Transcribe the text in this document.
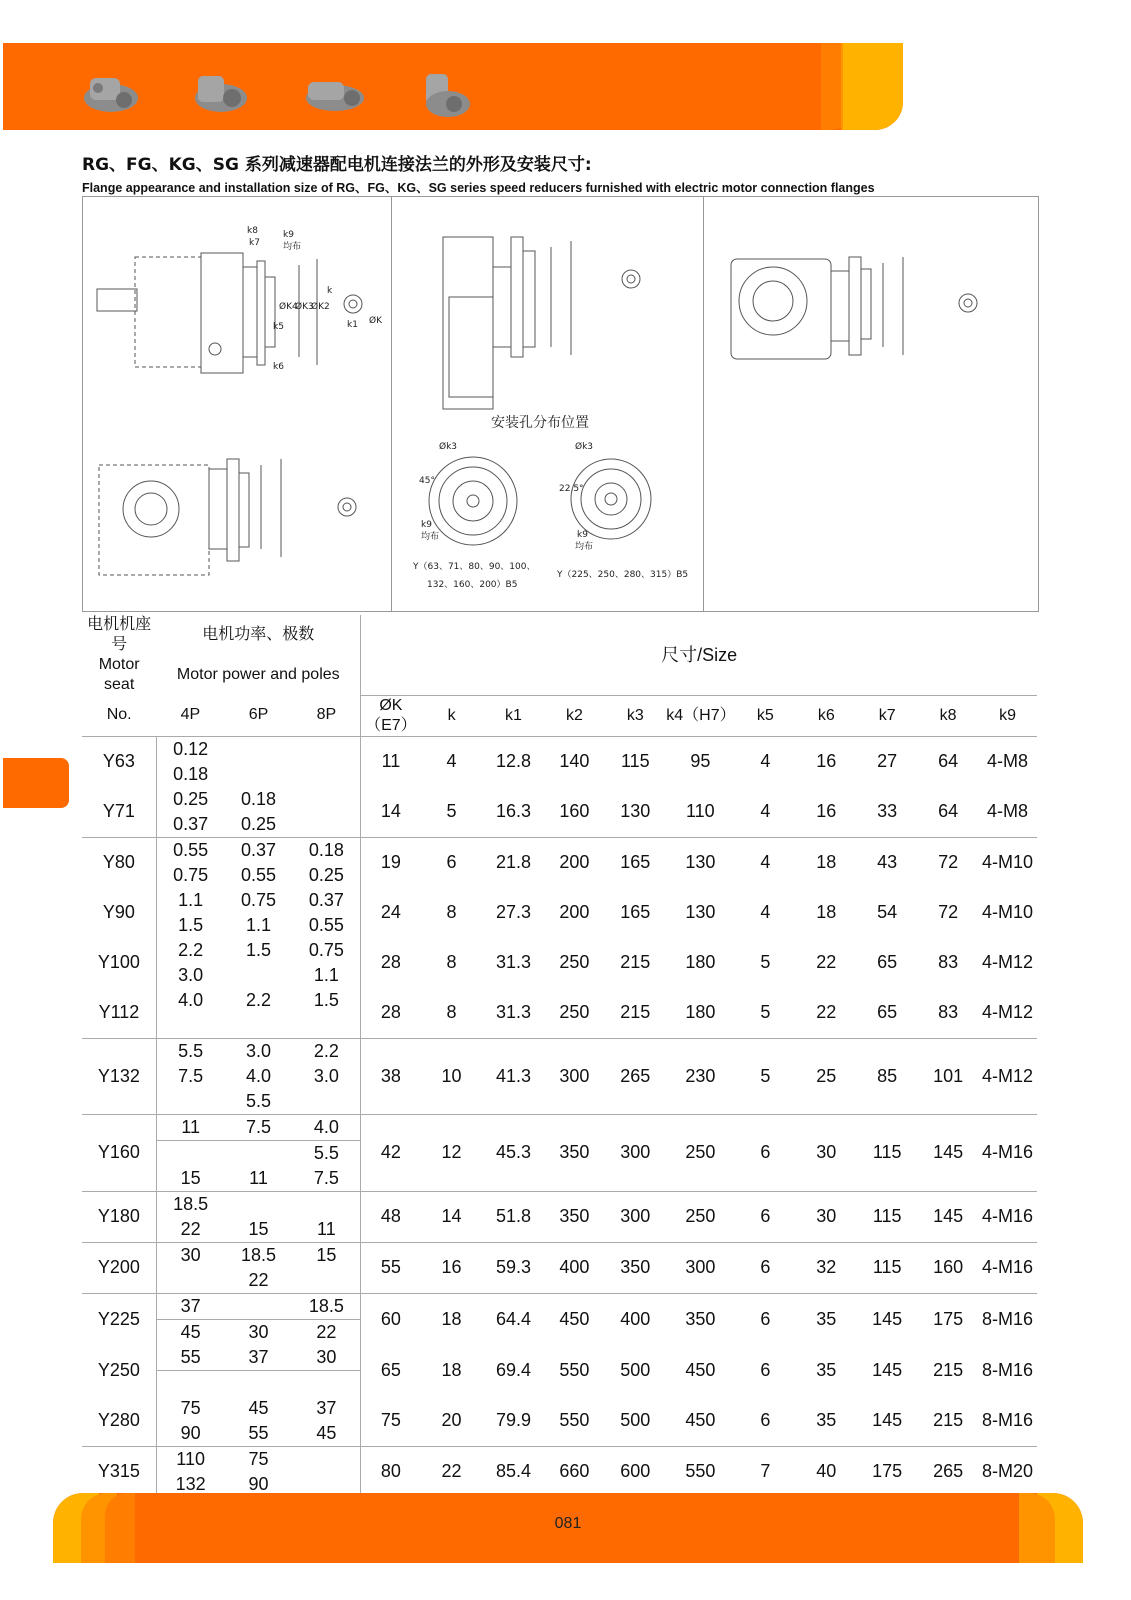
RG、FG、KG、SG 系列减速器配电机连接法兰的外形及安装尺寸:
Flange appearance and installation size of RG、FG、KG、SG series speed reducers furnished with electric motor connection flanges
k8
k7
k9
均布
ØK4
ØK3
ØK2
k5
k6
k
k1 ØK
安装孔分布位置
Øk3
45°
k9
均布
Y（63、71、80、90、100、
132、160、200）B5
Øk3
22.5°
k9
均布
Y（225、250、280、315）B5
电机机座号	电机功率、极数			尺寸/Size										
Motor seat	Motor power and poles													
No.	4P	6P	8P	ØK（E7）	k	k1	k2	k3	k4（H7）	k5	k6	k7	k8	k9
Y63	0.12			11	4	12.8	140	115	95	4	16	27	64	4-M8
	0.18													
Y71	0.25	0.18		14	5	16.3	160	130	110	4	16	33	64	4-M8
	0.37	0.25												
Y80	0.55	0.37	0.18	19	6	21.8	200	165	130	4	18	43	72	4-M10
	0.75	0.55	0.25											
Y90	1.1	0.75	0.37	24	8	27.3	200	165	130	4	18	54	72	4-M10
	1.5	1.1	0.55											
Y100	2.2	1.5	0.75	28	8	31.3	250	215	180	5	22	65	83	4-M12
	3.0		1.1											
Y112	4.0	2.2	1.5	28	8	31.3	250	215	180	5	22	65	83	4-M12

Y132	5.5	3.0	2.2	38	10	41.3	300	265	230	5	25	85	101	4-M12
	7.5	4.0	3.0											
		5.5												
Y160	11	7.5	4.0	42	12	45.3	350	300	250	6	30	115	145	4-M16
			5.5											
	15	11	7.5											
Y180	18.5			48	14	51.8	350	300	250	6	30	115	145	4-M16
	22	15	11											
Y200	30	18.5	15	55	16	59.3	400	350	300	6	32	115	160	4-M16
		22												
Y225	37		18.5	60	18	64.4	450	400	350	6	35	145	175	8-M16
	45	30	22											
Y250	55	37	30	65	18	69.4	550	500	450	6	35	145	215	8-M16

Y280	75	45	37	75	20	79.9	550	500	450	6	35	145	215	8-M16
	90	55	45											
Y315	110	75		80	22	85.4	660	600	550	7	40	175	265	8-M20
	132	90												
081
